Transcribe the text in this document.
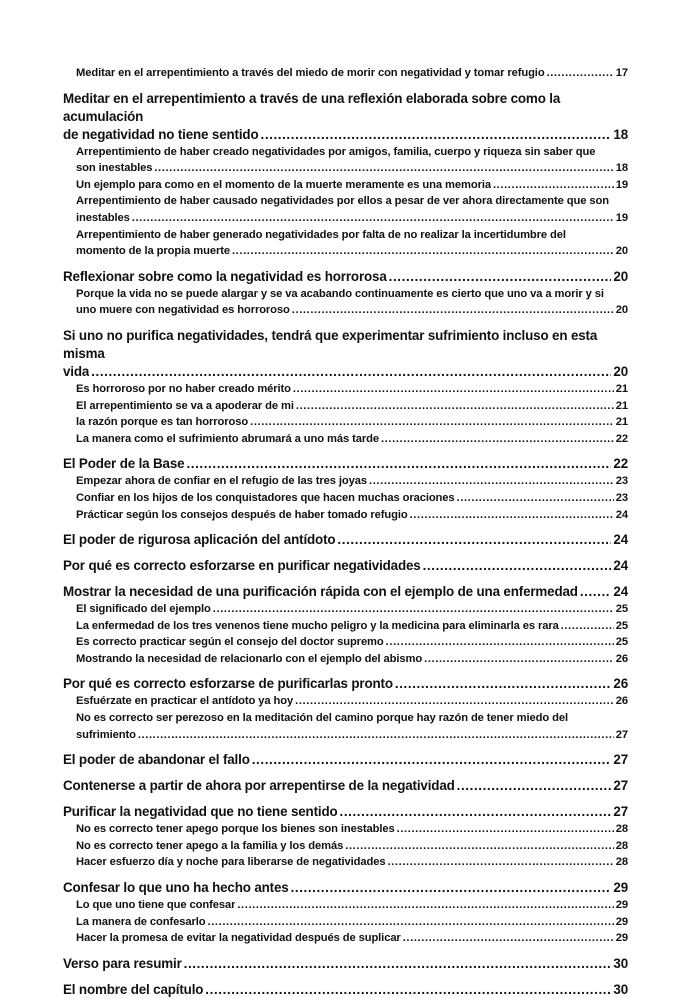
Meditar en el arrepentimiento a través del miedo de morir con negatividad y tomar refugio .....	17
Meditar en el arrepentimiento a través de una reflexión elaborada sobre como la acumulación
de negatividad no tiene sentido .....	18
Arrepentimiento de haber creado negatividades por amigos, familia, cuerpo y riqueza sin saber que
son inestables .....	18
Un ejemplo para como en el momento de la muerte meramente es una memoria .....	19
Arrepentimiento de haber causado negatividades por ellos a pesar de ver ahora directamente que son
inestables .....	19
Arrepentimiento de haber generado negatividades por falta de no realizar la incertidumbre del
momento de la propia muerte .....	20
Reflexionar sobre como la negatividad es horrorosa .....	20
Porque la vida no se puede alargar y se va acabando continuamente es cierto que uno va a morir y si
uno muere con negatividad es horroroso .....	20
Si uno no purifica negatividades, tendrá que experimentar sufrimiento incluso en esta misma
vida .....	20
Es horroroso por no haber creado mérito .....	21
El arrepentimiento se va a apoderar de mi .....	21
la razón porque es tan horroroso .....	21
La manera como el sufrimiento abrumará a uno más tarde .....	22
El Poder de la Base .....	22
Empezar ahora de confiar en el refugio de las tres joyas .....	23
Confiar en los hijos de los conquistadores que hacen muchas oraciones .....	23
Prácticar según los consejos después de haber tomado refugio .....	24
El poder de rigurosa aplicación del antídoto .....	24
Por qué es correcto esforzarse en purificar negatividades .....	24
Mostrar la necesidad de una purificación rápida con el ejemplo de una enfermedad .....	24
El significado del ejemplo .....	25
La enfermedad de los tres venenos tiene mucho peligro y la medicina para eliminarla es rara .....	25
Es correcto practicar según el consejo del doctor supremo .....	25
Mostrando la necesidad de relacionarlo con el ejemplo del abismo .....	26
Por qué es correcto esforzarse de purificarlas pronto .....	26
Esfuérzate en practicar el antídoto ya hoy .....	26
No es correcto ser perezoso en la meditación del camino porque hay razón de tener miedo del
sufrimiento .....	27
El poder de abandonar el fallo .....	27
Contenerse a partir de ahora por arrepentirse de la negatividad .....	27
Purificar la negatividad que no tiene sentido .....	27
No es correcto tener apego porque los bienes son inestables .....	28
No es correcto tener apego a la familia y los demás .....	28
Hacer esfuerzo día y noche para liberarse de negatividades .....	28
Confesar lo que uno ha hecho antes .....	29
Lo que uno tiene que confesar .....	29
La manera de confesarlo .....	29
Hacer la promesa de evitar la negatividad después de suplicar .....	29
Verso para resumir .....	30
El nombre del capítulo .....	30
